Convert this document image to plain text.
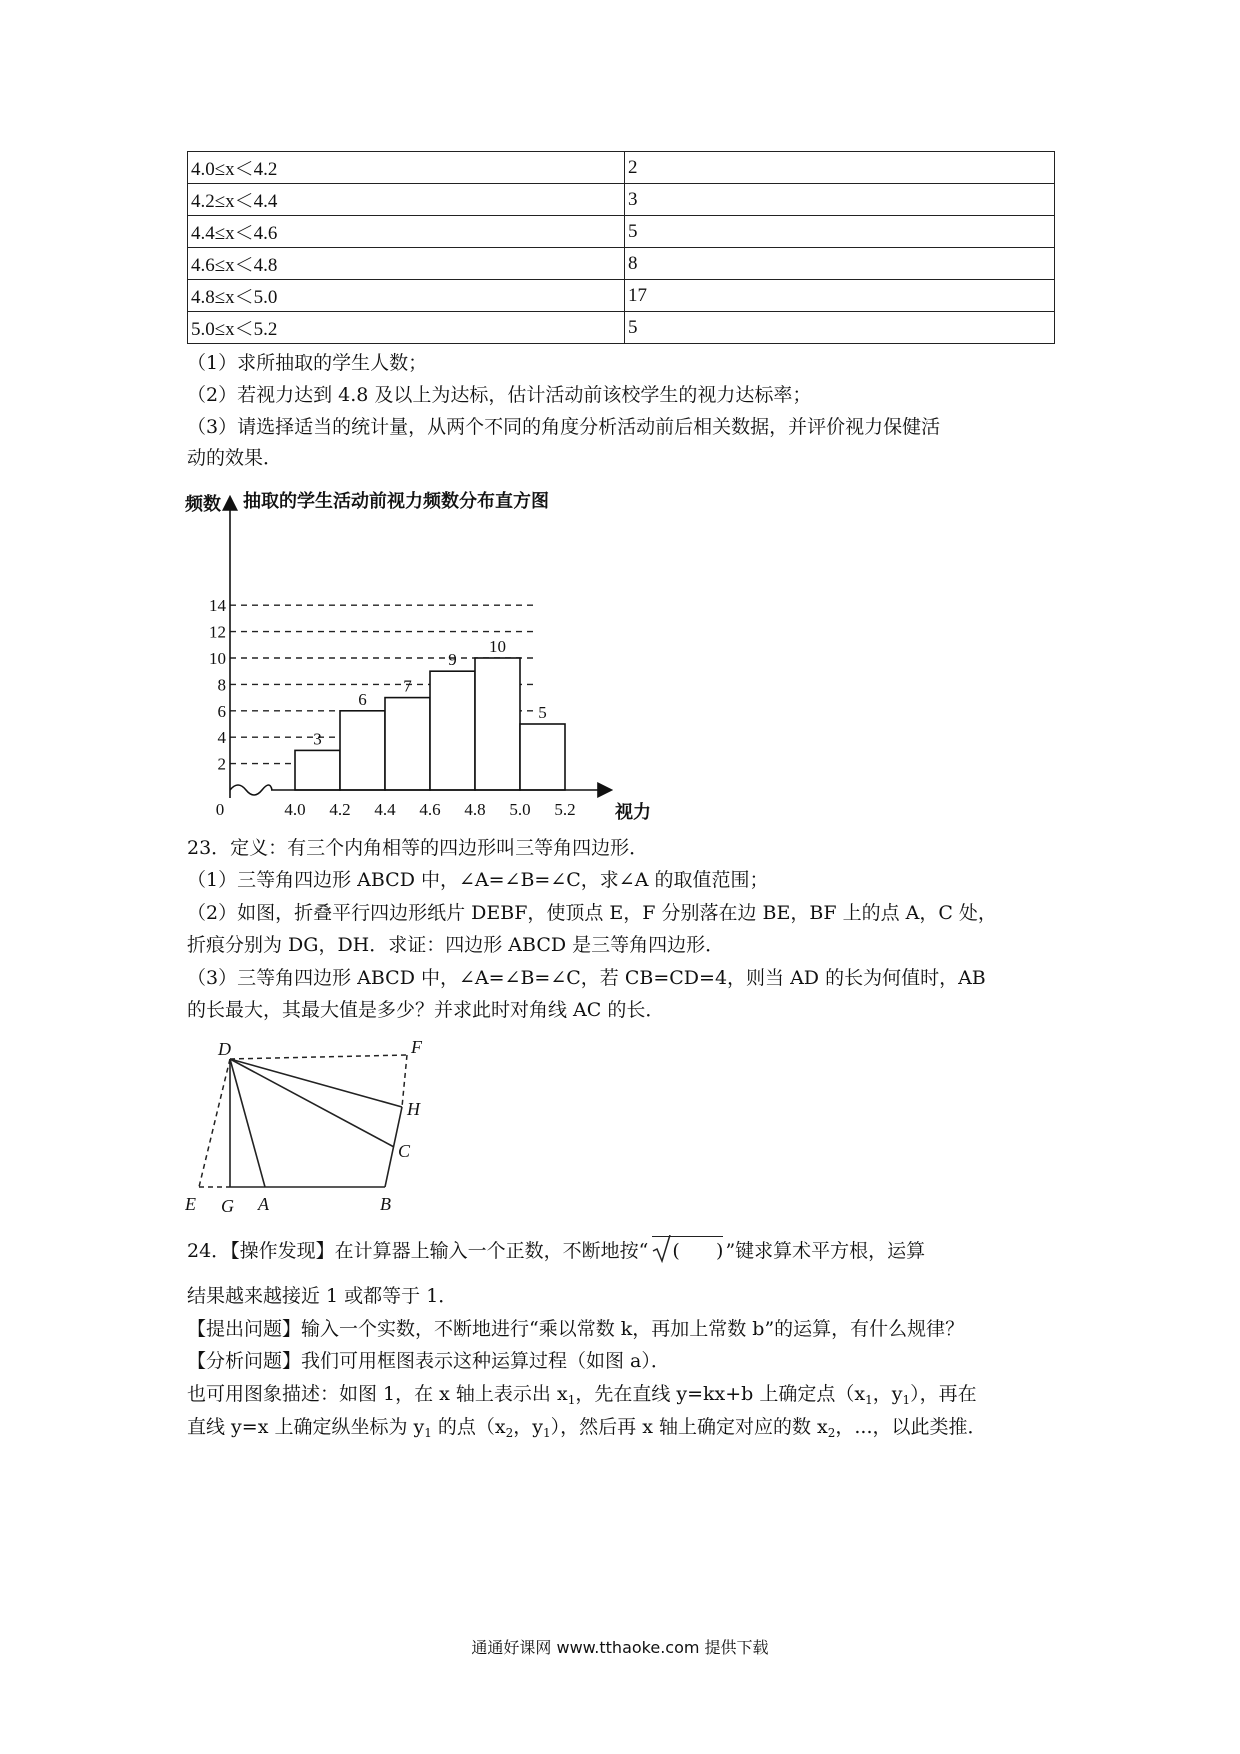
4.0≤x＜4.2	2
4.2≤x＜4.4	3
4.4≤x＜4.6	5
4.6≤x＜4.8	8
4.8≤x＜5.0	17
5.0≤x＜5.2	5
（1）求所抽取的学生人数；
（2）若视力达到 4.8 及以上为达标，估计活动前该校学生的视力达标率；
（3）请选择适当的统计量，从两个不同的角度分析活动前后相关数据，并评价视力保健活
动的效果．
2
4
6
8
10
12
14
3
6
7
9
10
5
4.0 4.2 4.4 4.6 4.8 5.0 5.2
0	视力
频数 抽取的学生活动前视力频数分布直方图
23．定义：有三个内角相等的四边形叫三等角四边形．
（1）三等角四边形 ABCD 中，∠A=∠B=∠C，求∠A 的取值范围；
（2）如图，折叠平行四边形纸片 DEBF，使顶点 E，F 分别落在边 BE，BF 上的点 A，C 处，
折痕分别为 DG，DH．求证：四边形 ABCD 是三等角四边形．
（3）三等角四边形 ABCD 中，∠A=∠B=∠C，若 CB=CD=4，则当 AD 的长为何值时，AB
的长最大，其最大值是多少？并求此时对角线 AC 的长．
D	F
H
C
E G A	B
24．【操作发现】在计算器上输入一个正数，不断地按“ (      ) ”键求算术平方根，运算
结果越来越接近 1 或都等于 1．
【提出问题】输入一个实数，不断地进行“乘以常数 k，再加上常数 b”的运算，有什么规律？
【分析问题】我们可用框图表示这种运算过程（如图 a）．
也可用图象描述：如图 1，在 x 轴上表示出 $x_1$，先在直线 y=kx+b 上确定点（$x_1$，$y_1$），再在
直线 y=x 上确定纵坐标为 $y_1$ 的点（$x_2$，$y_1$），然后再 x 轴上确定对应的数 $x_2$，...，以此类推．
通通好课网 www.tthaoke.com 提供下载
